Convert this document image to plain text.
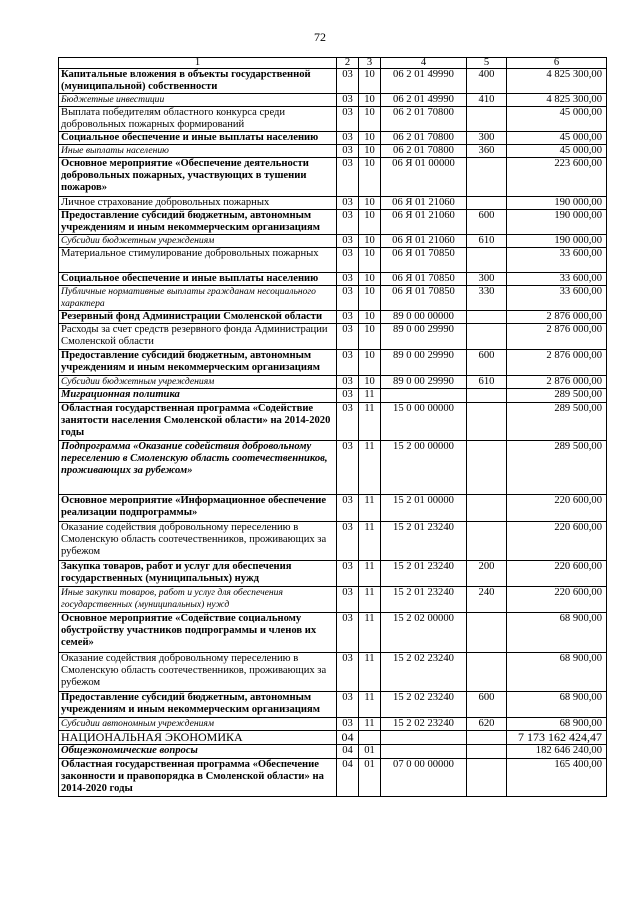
72
1	2	3	4	5	6
Капитальные вложения в объекты государственной (муниципальной) собственности	03	10	06 2 01 49990	400	4 825 300,00
Бюджетные инвестиции	03	10	06 2 01 49990	410	4 825 300,00
Выплата победителям областного конкурса среди добровольных пожарных формирований	03	10	06 2 01 70800		45 000,00
Социальное обеспечение и иные выплаты населению	03	10	06 2 01 70800	300	45 000,00
Иные выплаты населению	03	10	06 2 01 70800	360	45 000,00
Основное мероприятие «Обеспечение деятельности добровольных пожарных, участвующих в тушении пожаров»	03	10	06 Я 01 00000		223 600,00
Личное страхование добровольных пожарных	03	10	06 Я 01 21060		190 000,00
Предоставление субсидий бюджетным, автономным учреждениям и иным некоммерческим организациям	03	10	06 Я 01 21060	600	190 000,00
Субсидии бюджетным учреждениям	03	10	06 Я 01 21060	610	190 000,00
Материальное стимулирование добровольных пожарных	03	10	06 Я 01 70850		33 600,00
Социальное обеспечение и иные выплаты населению	03	10	06 Я 01 70850	300	33 600,00
Публичные нормативные выплаты гражданам несоциального характера	03	10	06 Я 01 70850	330	33 600,00
Резервный фонд Администрации Смоленской области	03	10	89 0 00 00000		2 876 000,00
Расходы за счет средств резервного фонда Администрации Смоленской области	03	10	89 0 00 29990		2 876 000,00
Предоставление субсидий бюджетным, автономным учреждениям и иным некоммерческим организациям	03	10	89 0 00 29990	600	2 876 000,00
Субсидии бюджетным учреждениям	03	10	89 0 00 29990	610	2 876 000,00
Миграционная политика	03	11			289 500,00
Областная государственная программа «Содействие занятости населения Смоленской области» на 2014-2020 годы	03	11	15 0 00 00000		289 500,00
Подпрограмма «Оказание содействия добровольному переселению в Смоленскую область соотечественников, проживающих за рубежом»	03	11	15 2 00 00000		289 500,00
Основное мероприятие «Информационное обеспечение реализации подпрограммы»	03	11	15 2 01 00000		220 600,00
Оказание содействия добровольному переселению в Смоленскую область соотечественников, проживающих за рубежом	03	11	15 2 01 23240		220 600,00
Закупка товаров, работ и услуг для обеспечения государственных (муниципальных) нужд	03	11	15 2 01 23240	200	220 600,00
Иные закупки товаров, работ и услуг для обеспечения государственных (муниципальных) нужд	03	11	15 2 01 23240	240	220 600,00
Основное мероприятие «Содействие социальному обустройству участников подпрограммы и членов их семей»	03	11	15 2 02 00000		68 900,00
Оказание содействия добровольному переселению в Смоленскую область соотечественников, проживающих за рубежом	03	11	15 2 02 23240		68 900,00
Предоставление субсидий бюджетным, автономным учреждениям и иным некоммерческим организациям	03	11	15 2 02 23240	600	68 900,00
Субсидии автономным учреждениям	03	11	15 2 02 23240	620	68 900,00
НАЦИОНАЛЬНАЯ ЭКОНОМИКА	04				7 173 162 424,47
Общеэкономические вопросы	04	01			182 646 240,00
Областная государственная программа «Обеспечение законности и правопорядка в Смоленской области» на 2014-2020 годы	04	01	07 0 00 00000		165 400,00
